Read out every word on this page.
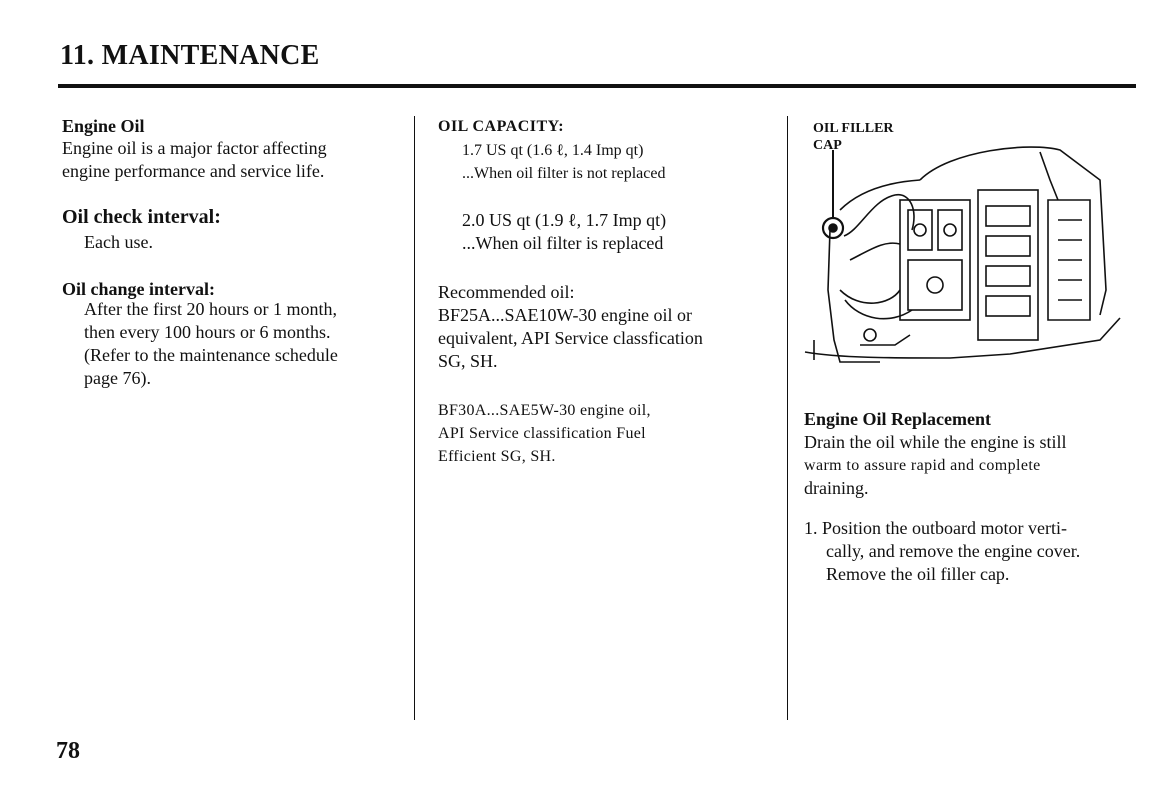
11. MAINTENANCE
Engine Oil

Engine oil is a major factor affecting

engine performance and service life.

Oil check interval:
Each use.
Oil change interval:

After the first 20 hours or 1 month,

then every 100 hours or 6 months.

(Refer to the maintenance schedule

page 76).

OIL CAPACITY:

1.7 US qt (1.6 ℓ, 1.4 Imp qt)

...When oil filter is not replaced

2.0 US qt (1.9 ℓ, 1.7 Imp qt)

...When oil filter is replaced

Recommended oil:

BF25A...SAE10W-30 engine oil or

equivalent, API Service classfication

SG, SH.

BF30A...SAE5W-30 engine oil,

API Service classification Fuel

Efficient SG, SH.

OIL FILLER

CAP

Engine Oil Replacement

Drain the oil while the engine is still

warm to assure rapid and complete

draining.

1. Position the outboard motor verti-

cally, and remove the engine cover.

Remove the oil filler cap.

78
